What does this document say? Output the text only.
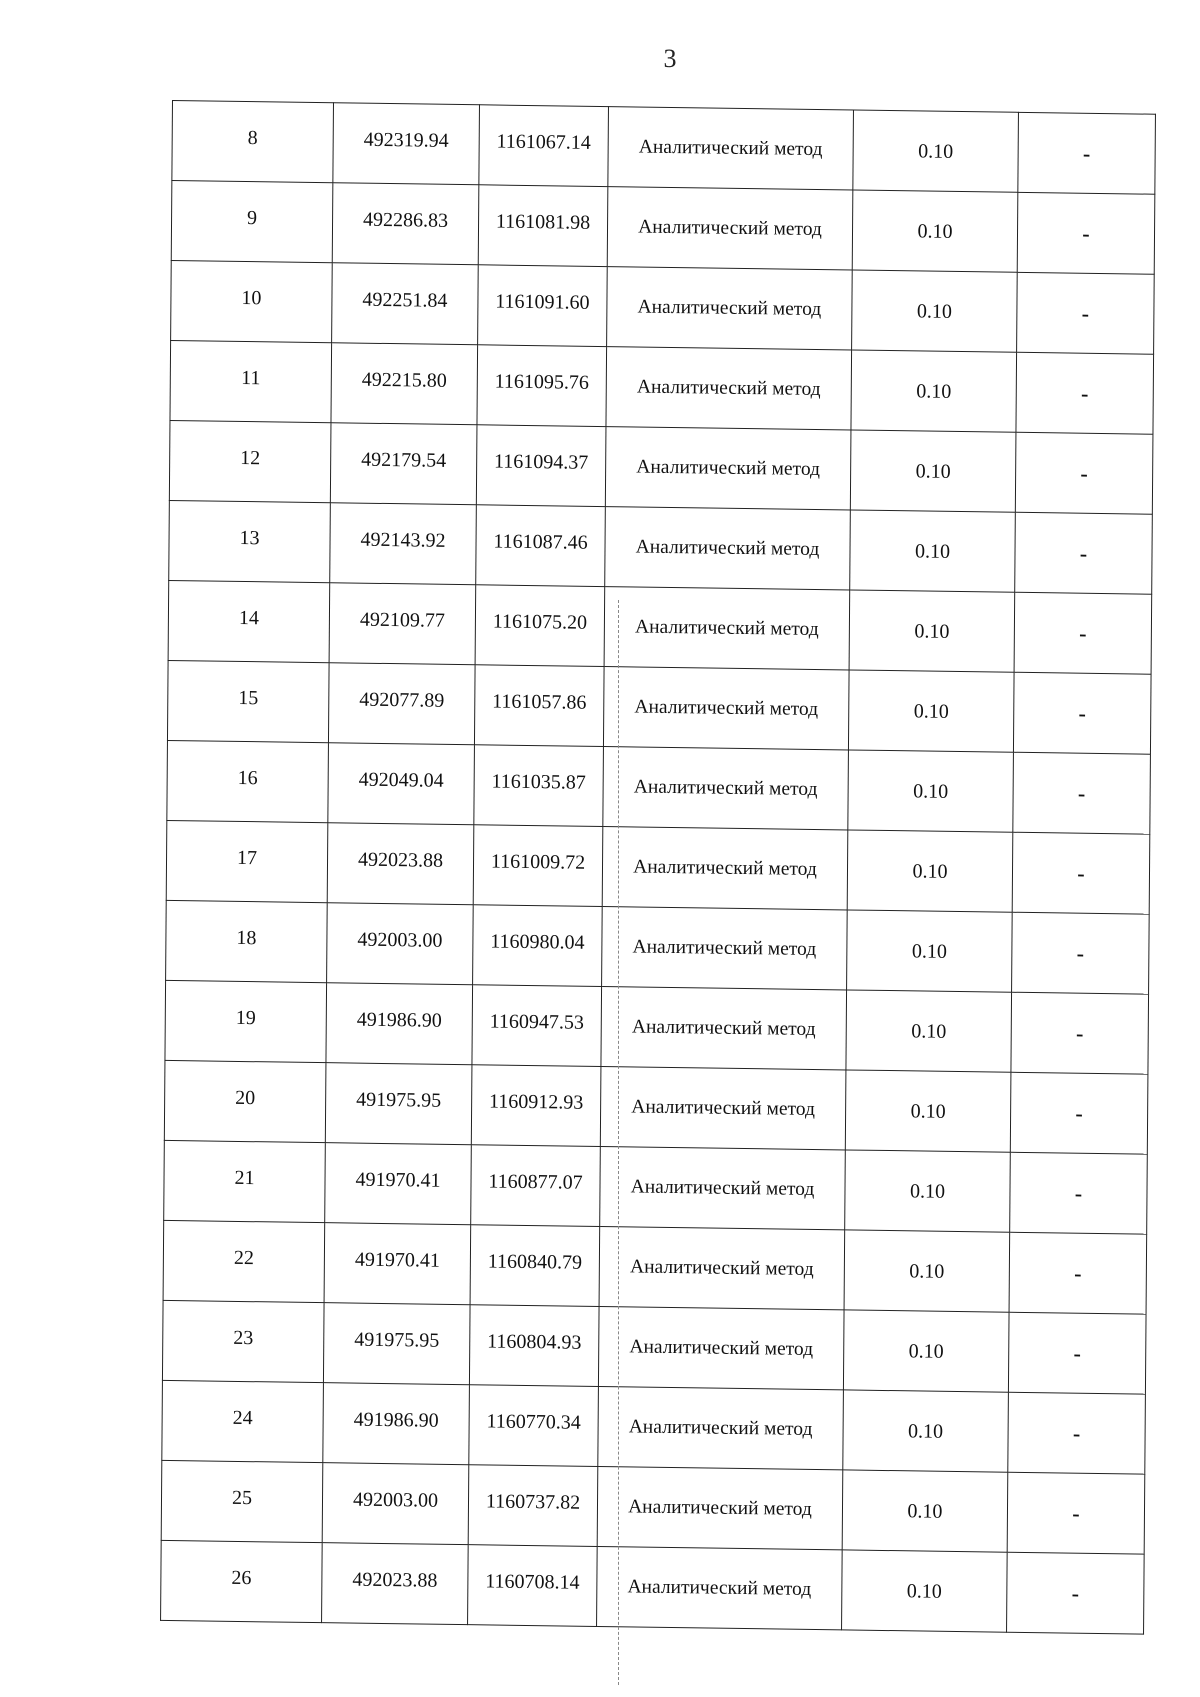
3
8	492319.94	1161067.14	Аналитический метод	0.10	-
9	492286.83	1161081.98	Аналитический метод	0.10	-
10	492251.84	1161091.60	Аналитический метод	0.10	-
11	492215.80	1161095.76	Аналитический метод	0.10	-
12	492179.54	1161094.37	Аналитический метод	0.10	-
13	492143.92	1161087.46	Аналитический метод	0.10	-
14	492109.77	1161075.20	Аналитический метод	0.10	-
15	492077.89	1161057.86	Аналитический метод	0.10	-
16	492049.04	1161035.87	Аналитический метод	0.10	-
17	492023.88	1161009.72	Аналитический метод	0.10	-
18	492003.00	1160980.04	Аналитический метод	0.10	-
19	491986.90	1160947.53	Аналитический метод	0.10	-
20	491975.95	1160912.93	Аналитический метод	0.10	-
21	491970.41	1160877.07	Аналитический метод	0.10	-
22	491970.41	1160840.79	Аналитический метод	0.10	-
23	491975.95	1160804.93	Аналитический метод	0.10	-
24	491986.90	1160770.34	Аналитический метод	0.10	-
25	492003.00	1160737.82	Аналитический метод	0.10	-
26	492023.88	1160708.14	Аналитический метод	0.10	-
